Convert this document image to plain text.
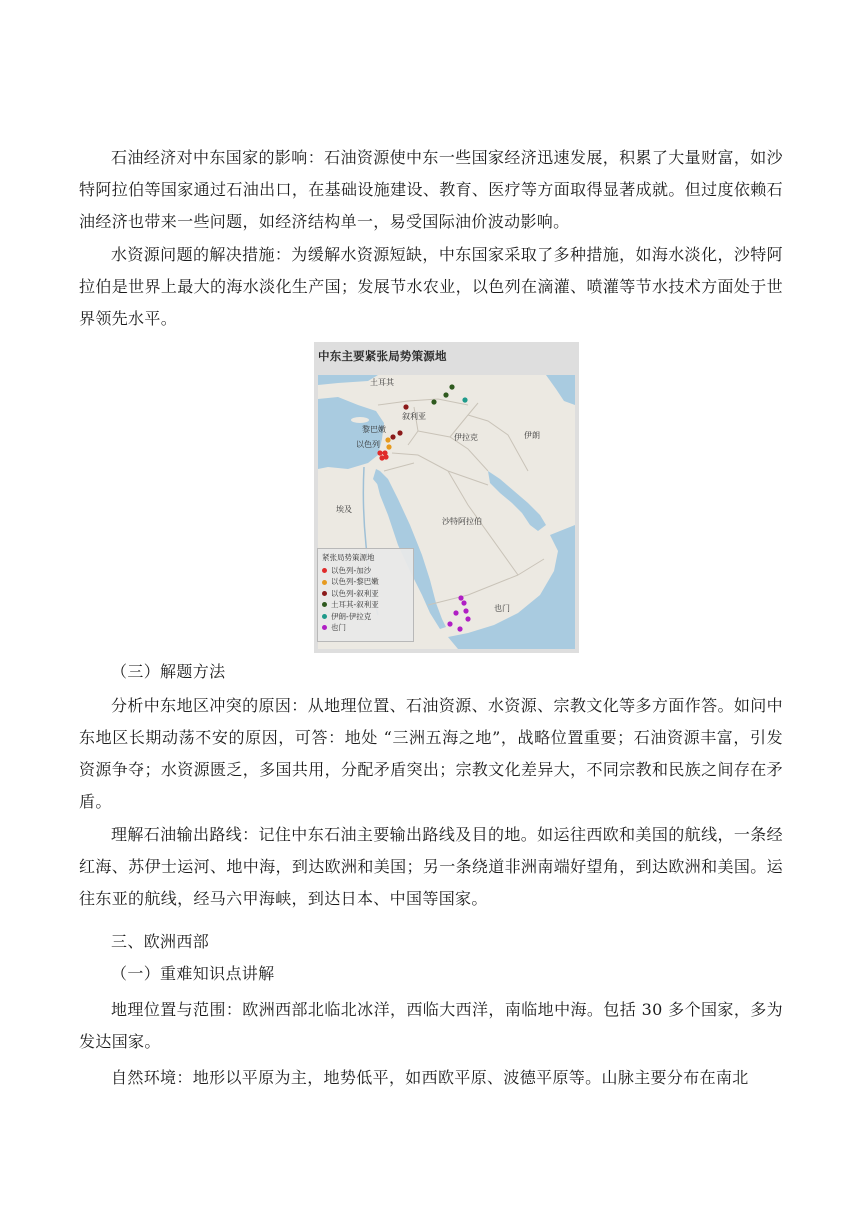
石油经济对中东国家的影响：石油资源使中东一些国家经济迅速发展，积累了大量财富，如沙特阿拉伯等国家通过石油出口，在基础设施建设、教育、医疗等方面取得显著成就。但过度依赖石油经济也带来一些问题，如经济结构单一，易受国际油价波动影响。

水资源问题的解决措施：为缓解水资源短缺，中东国家采取了多种措施，如海水淡化，沙特阿拉伯是世界上最大的海水淡化生产国；发展节水农业，以色列在滴灌、喷灌等节水技术方面处于世界领先水平。

中东主要紧张局势策源地
土耳其
叙利亚
黎巴嫩
以色列
伊拉克	伊朗
埃及
沙特阿拉伯
也门
紧张局势策源地
以色列-加沙
以色列-黎巴嫩
以色列-叙利亚
土耳其-叙利亚
伊朗-伊拉克
也门

（三）解题方法

分析中东地区冲突的原因：从地理位置、石油资源、水资源、宗教文化等多方面作答。如问中东地区长期动荡不安的原因，可答：地处 “三洲五海之地”，战略位置重要；石油资源丰富，引发资源争夺；水资源匮乏，多国共用，分配矛盾突出；宗教文化差异大，不同宗教和民族之间存在矛盾。

理解石油输出路线：记住中东石油主要输出路线及目的地。如运往西欧和美国的航线，一条经红海、苏伊士运河、地中海，到达欧洲和美国；另一条绕道非洲南端好望角，到达欧洲和美国。运往东亚的航线，经马六甲海峡，到达日本、中国等国家。

三、欧洲西部

（一）重难知识点讲解

地理位置与范围：欧洲西部北临北冰洋，西临大西洋，南临地中海。包括 30 多个国家，多为发达国家。

自然环境：地形以平原为主，地势低平，如西欧平原、波德平原等。山脉主要分布在南北
